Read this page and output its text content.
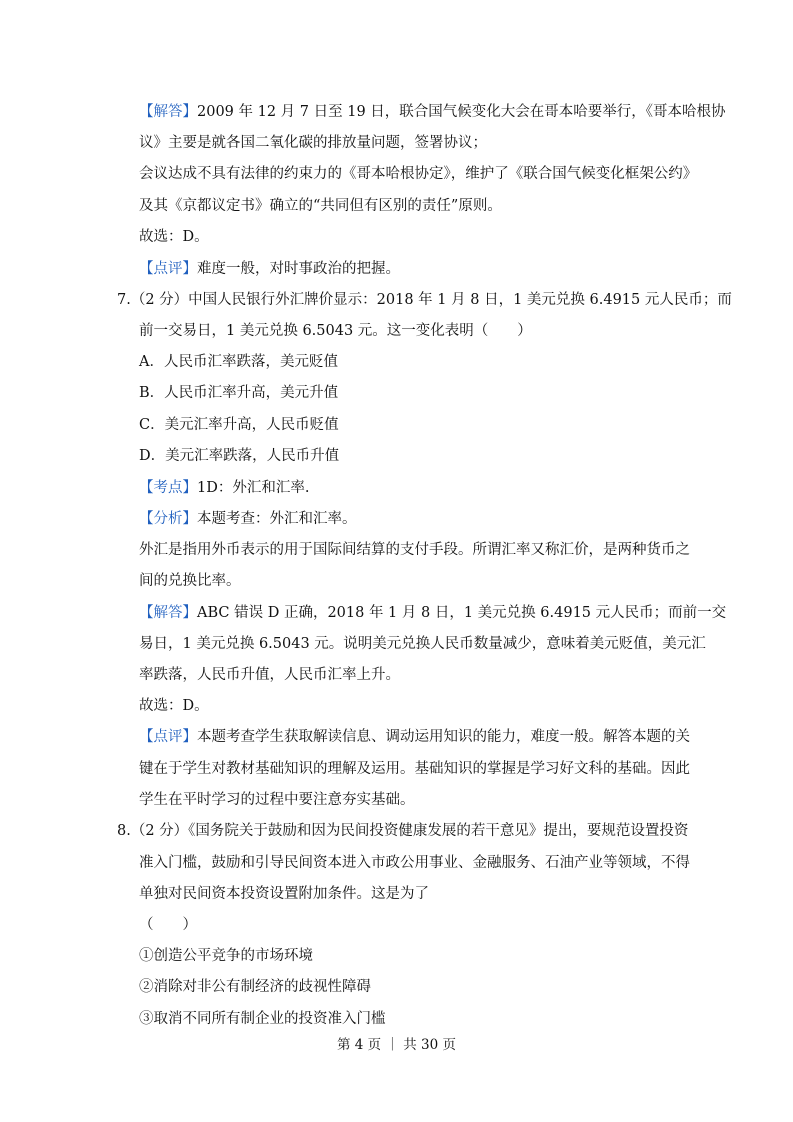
【解答】2009 年 12 月 7 日至 19 日，联合国气候变化大会在哥本哈要举行，《哥本哈根协
议》主要是就各国二氧化碳的排放量问题，签署协议；
会议达成不具有法律的约束力的《哥本哈根协定》，维护了《联合国气候变化框架公约》
及其《京都议定书》确立的“共同但有区别的责任”原则。
故选：D。
【点评】难度一般，对时事政治的把握。
7.（2 分）中国人民银行外汇牌价显示：2018 年 1 月 8 日，1 美元兑换 6.4915 元人民币；而
前一交易日，1 美元兑换 6.5043 元。这一变化表明（　　）
A．人民币汇率跌落，美元贬值
B．人民币汇率升高，美元升值
C．美元汇率升高，人民币贬值
D．美元汇率跌落，人民币升值
【考点】1D：外汇和汇率.
【分析】本题考查：外汇和汇率。
外汇是指用外币表示的用于国际间结算的支付手段。所谓汇率又称汇价，是两种货币之
间的兑换比率。
【解答】ABC 错误 D 正确，2018 年 1 月 8 日，1 美元兑换 6.4915 元人民币；而前一交
易日，1 美元兑换 6.5043 元。说明美元兑换人民币数量减少，意味着美元贬值，美元汇
率跌落，人民币升值，人民币汇率上升。
故选：D。
【点评】本题考查学生获取解读信息、调动运用知识的能力，难度一般。解答本题的关
键在于学生对教材基础知识的理解及运用。基础知识的掌握是学习好文科的基础。因此
学生在平时学习的过程中要注意夯实基础。
8.（2 分）《国务院关于鼓励和因为民间投资健康发展的若干意见》提出，要规范设置投资
准入门槛，鼓励和引导民间资本进入市政公用事业、金融服务、石油产业等领域，不得
单独对民间资本投资设置附加条件。这是为了
（　　）
①创造公平竞争的市场环境
②消除对非公有制经济的歧视性障碍
③取消不同所有制企业的投资准入门槛
第 4 页 ｜ 共 30 页
